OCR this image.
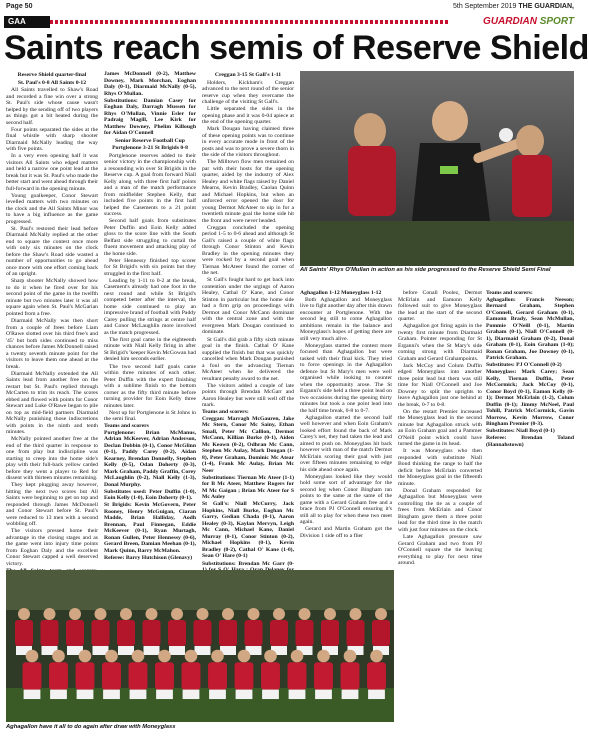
Page 50	5th September 2019 THE GUARDIAN,
GAA	GUARDIAN SPORT
Saints reach semis of Reserve Shield
Reserve Shield quarter-final
St. Paul's 0-8 All Saints 0-12

All Saints travelled to Shaw's Road and recorded a fine win over a strong St. Paul's side whose cause wasn't helped by the sending off of two players as things got a bit heated during the second half.

Four points separated the sides at the final whistle with sharp shooter Diarmaid McNally leading the way with five points.

In a very even opening half it was visitors All Saints who edged matters and held a narrow one point lead at the break but it was St. Paul's who made the better start and went ahead through their full-forward in the opening minute.

Young goalkeeper, Conor Stewart levelled matters with two minutes on the clock and the All Saints Minor was to have a big influence as the game progressed.

St. Paul's restored their lead before Diarmaid McNally replied at the other end to square the contest once more with only six minutes on the clock before the Shaw's Road side wasted a number of opportunities to go ahead once more with one effort coming back of an upright.

Sharp shooter McNally showed how to do it when he fired over for his second point of the game in the twelfth minute but two minutes later it was all square again when St. Paul's McGarian pointed from a free.

Diarmaid McNally was then short from a couple of frees before Liam O'Rawe slotted over his third free's and '45' but both sides continued to miss chances before James McDonnell raised a twenty seventh minute point for the visitors to leave them one ahead at the break.

Diarmaid McNally extended the All Saints lead from another free on the restart but St. Paul's replied through McCarten to trim its reach. The scores ebbed and flowed with points for Conor Stewart and Luke O'Rawe began to pile on top as mid-field partners Diarmaid McNally punishing those indiscretions with points in the ninth and tenth minutes.

McNally pointed another free at the end of the third quarter in response to one from play but indiscipline was starting to creep into the home side's play with their full-back yellow carded before they went a player to Red for dissent with thirteen minutes remaining.

They kept plugging away however, hitting the next two scores but All Saints were beginning to get on top and responded through James McDonnell and Conor Stewart before St. Paul's were reduced to 13 men with a second wobbling off.

The visitors pressed home their advantage in the closing stages and as the game went into injury time points from Eoghan Daly and the excellent Conor Stewart capped a well deserved victory.

James McDonnell (0-2), Matthew Downey, Mark Morchan, Eoghan Daly (0-1), Diarmaid McNally (0-5), Rhys O'Mullan.

Substitutions: Damian Casey for Eoghan Daly, Darragh Mussen for Rhys O'Mullan, Vinnie Esler for Padraig Magill, Lee Kirk for Matthew Downey, Phelim Killough for Aidan O'Connell

Senior Reserve Football Cup
Portglenone 3-21 St Brigids 0-8

Portglenone reserves added to their senior victory in the championship with a resounding win over St Brigids in the Reserve cup. A goal from forward Niall Kelly along with three first half points and a man of the match performance from midfielder Stephen Kelly, that included five points in the first half helped the Casements to a 21 point success.

Second half goals from substitutes Peter Duffin and Eoin Kelly added gloss to the score line with the South Belfast side struggling to curtail the fluent movement and attacking play of the home side.

Peter Hennessy finished top scorer for St Brigid's with six points but they struggled in the first half.

Leading by 1-11 to 0-2 at the break, Casement's already had one foot in the next round and while St Brigid's competed better after the interval, the home side continued to play an impressive brand of football with Paddy Carey pulling the strings at centre half and Conor McLaughlin more involved as the match progressed.

The first goal came in the eighteenth minute with Niall Kelly firing in after St Brigid's 'keeper Kevin McGowan had denied him seconds earlier.

The two second half goals came within three minutes of each other. Peter Duffin with the expert finishing with a sublime finish to the bottom corner as the fifty third minute before turning provider for Eoin Kelly three minutes later.

Next up for Portglenone is St Johns in the semi final.

Teams and scorers

Portglenone: Brian McManus, Adrian McKeever, Adrian Anderson, Declan Dobbin (0-1), Conor McGlinn (0-1), Paddy Carey (0-2), Aidan Kearney, Brendan Donnelly, Stephen Kelly (0-5), Odan Doherty (0-3), Mark Graham, Paddy Graffin, Corey McLaughlin (0-2), Niall Kelly (1-3), Donal Murphy.

Substitutes used: Peter Duffin (1-0), Eoin Kelly (1-0), Eoin Doherty (0-1).

St Brigids: Kevin McGovern, Peter Rooney, Henry McGuigan, Ciaran Madde, Brian Halliday, Aodh Brennan, Paul Finnegan, Eddie McKeever (0-1), Ryan Murtagh, Ronan Gullen, Peter Hennessy (0-6), Gerard Breen, Damian Meehan (0-1), Mark Quinn, Barry McMahon.

Referee: Barry Hutchison (Glenavy)

Creggan 3-15 St Gall's 1-11

Holders, Kickham's Creggan advanced to the next round of the senior reserve cup when they overcame the challenge of the visiting St Gall's.

Little separated the sides in the opening phase and it was 0-04 apiece at the end of the opening quarter.

Mark Dougan having claimed three of these opening points was to continue in every accurate mode in front of the posts and was to prove a severe thorn in the side of the visitors throughout.

The Milltown flow men remained on par with their hosts for the opening quarter, aided by the industry of Alex Healey and white flags raised by Daniel Mearns, Kevin Bradley, Caolan Quinn and Michael Hopkins, but when an unforced error opened the door for young Dermot McAteer to nip in for a twentieth minute goal the home side hit the front and were never headed.

Creggan concluded the opening period 1-5 to 0-6 ahead and although St Gall's raised a couple of white flags through Conor Stinton and Kevin Bradley in the opening minutes they were rocked by a second goal when Tiernan McAteer found the corner of the net.

St Gall's fought hard to get back into contention under the urgings of Aaron Healey, Cathal O' Kane, and Conor Stinton in particular but the home side had a firm grip on proceedings with Dermot and Conor McCann dominant with the central zone and with the evergreen Mark Dougan continued to dominate.

St Gall's did grab a fifty sixth minute goal in the finish. Cathal O' Kane supplied the finish but that was quickly cancelled when Mark Dougan punished a foul on the advancing Tiernan McAteer when he delivered the resultant penalty award to the net.

The visitors added a couple of late points through Brendan McGarr and Aaron Healey but were still well off the mark.

Teams and scorers:

Creggan: Marragh McGauren, Jake Mc Stern, Conor Mc Sainy, Ethan Small, Peter Mc Callion, Dermot McCann, Killian Burke (0-1), Aiden Mc Keown (0-2), Odhran Mc Cann, Stephen Mc Aulay, Mark Dougan (1-8), Peter Graham, Dominic Mc Atear (1-4), Frank Mc Aulay, Brian Mc Neer

Substitutions: Tiernan Mc Ateer (1-1) for B Mc Ateer, Matthew Rogers for M Mc Gaigan ; Brian Mc Ateer for S Mc Auley

St Gall's: Niall McCurry, Jack Hopkins, Niall Burke, Eoghan Mc Garry, Gedian Chada (0-1), Aaron Healey (0-3), Kaylan Mervyn, Leigh Mc Cann, Michael Kane, Daniel Murray (0-1), Conor Stinton (0-2), Michael Hopkins (0-1), Kevin Bradley (0-2), Cathal O' Kane (1-0), Sean O' Hare (0-1)

Substitutions: Brendan Mc Garr (0-

All Saints' Rhys O'Mullan in action as his side progressed to the Reserve Shield Semi Final
Aghagallon 1-12 Moneyglass 1-12

Both Aghagallon and Moneyglass live to fight another day after this drawn encounter at Portglenone. With the second leg still to come Aghagallon ambitions remain in the balance and Moneyglass's hopes of getting there are still very much alive.

Moneyglass started the contest more focused than Aghagallon but were tasked with their final kick. They tried to force openings in the Aghagallon defence but St Mary's men were well organised while looking to counter when the opportunity arose. The St Erganni's side held a three point lead on two occasions during the opening thirty minutes but took a one point lead into the half time break, 0-8 to 0-7.

Aghagallon started the second half well however and when Eoin Graham's looked effort found the back of Mark Carey's net, they had taken the lead and aimed to push on. Moneyglass hit back however with man of the match Dermot McErlain scoring their goal with just over fifteen minutes remaining to edge his side ahead once again.

Moneyglass looked like they would hold some sort of advantage for the second leg when Conor Bingham ran points to the same at the same of the game with a Gerard Graham free and a brace from PJ O'Connell ensuring it's still all to play for when these two meet again.

Gerard and Martin Graham got the Division 1 side off to a flier

before Conall Poolez, Dermot McErlain and Eamonn Kelly followed suit to give Moneyglass the lead at the start of the second quarter.

Aghagallon got firing again in the twenty first minute from Diarmaid Graham. Pointer responding for St Erganni's when the St Mary's side coming strong with Diarmaid Graham and Gerard Grahampoints.

Jack McCoy and Colum Duffin edged Moneyglass into another three point lead but them was still time for Niall O'Connell and Joe Downey to split the uprights to leave Aghagallon just one behind at the break, 0-7 to 0-8.

On the restart Premier increased the Moneyglass lead in the second minute but Aghagallon struck with an Eoin Graham goal and a Pammer O'Neill point which could have turned the game in its head.

It was Moneyglass who then responded with substitute Niall Bond thinking the range to half the deficit before McErlain converted the Moneyglass goal in the fifteenth minute.

Donal Graham responded for Aghagallon but Moneyglass were controlling the tie as a couple of frees from McErlain and Conor Bingham gave them a three point lead for the third time in the match with just four minutes on the clock.

Late Aghagallon pressure saw Gerard Graham and two from PJ O'Connell square the tie leaving everything to play for next time around.

Teams and scorers:

Aghagallon: Francis Neeson; Bernard Graham, Stephen O'Connell, Gerard Graham (0-1), Eamonn Brady, Sean McMullan, Pommie O'Neill (0-1), Martin Graham (0-1), Niall O'Connell (0-1), Diarmaid Graham (0-2), Donal Graham (0-1), Eoin Graham (1-0); Ronan Graham, Joe Downey (0-1), Patrick Graham.

Substitutes: PJ O'Connell (0-2)

Moneyglass: Mark Carey; Sean Kelly, Tiernan Duffin, Peter McCormick; Jack McCoy (0-1), Conor Boyd (0-1), Eamon Kelly (0-1); Dermot McErlain (1-2), Colum Duffin (0-1); Jimmy McNeel, Paul Tohill, Patrick McCormick, Gavin Morrow, Kevin Morrow, Conor Bingham Premier (0-3).

Substitutes: Niall Boyd (0-1)

Referee: Brendan Toland (Hannahstown)

Aghagallon have it all to do again after draw with Moneyglass
